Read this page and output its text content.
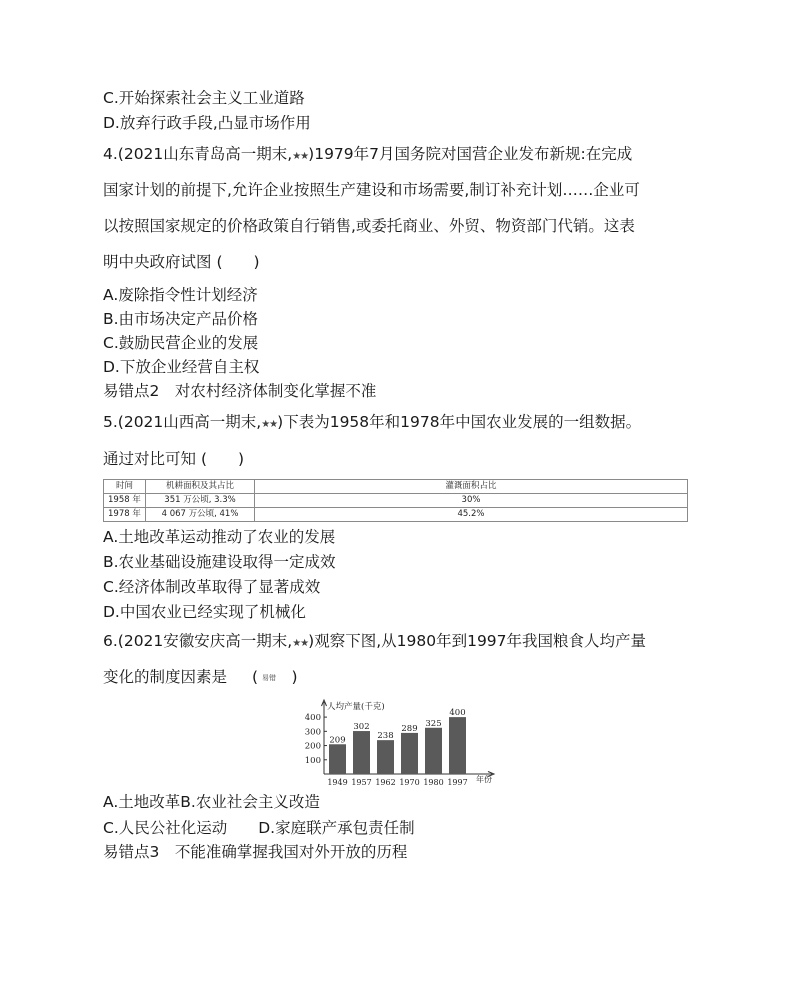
C.开始探索社会主义工业道路
D.放弃行政手段,凸显市场作用
4.(2021山东青岛高一期末,★★)1979年7月国务院对国营企业发布新规:在完成
国家计划的前提下,允许企业按照生产建设和市场需要,制订补充计划……企业可
以按照国家规定的价格政策自行销售,或委托商业、外贸、物资部门代销。这表
明中央政府试图 (　　)
A.废除指令性计划经济
B.由市场决定产品价格
C.鼓励民营企业的发展
D.下放企业经营自主权
易错点2　对农村经济体制变化掌握不准
5.(2021山西高一期末,★★)下表为1958年和1978年中国农业发展的一组数据。
通过对比可知 (　　)
时间	机耕面积及其占比	灌溉面积占比
1958 年	351 万公顷, 3.3%	30%
1978 年	4 067 万公顷, 41%	45.2%
A.土地改革运动推动了农业的发展
B.农业基础设施建设取得一定成效
C.经济体制改革取得了显著成效
D.中国农业已经实现了机械化
6.(2021安徽安庆高一期末,★★)观察下图,从1980年到1997年我国粮食人均产量
变化的制度因素是 ( 易错　)
100
200
300
400
人均产量(千克)
年份
209
1949
302
1957
238
1962
289
1970
325
1980
400
1997
A.土地改革B.农业社会主义改造
C.人民公社化运动　　D.家庭联产承包责任制
易错点3　不能准确掌握我国对外开放的历程
